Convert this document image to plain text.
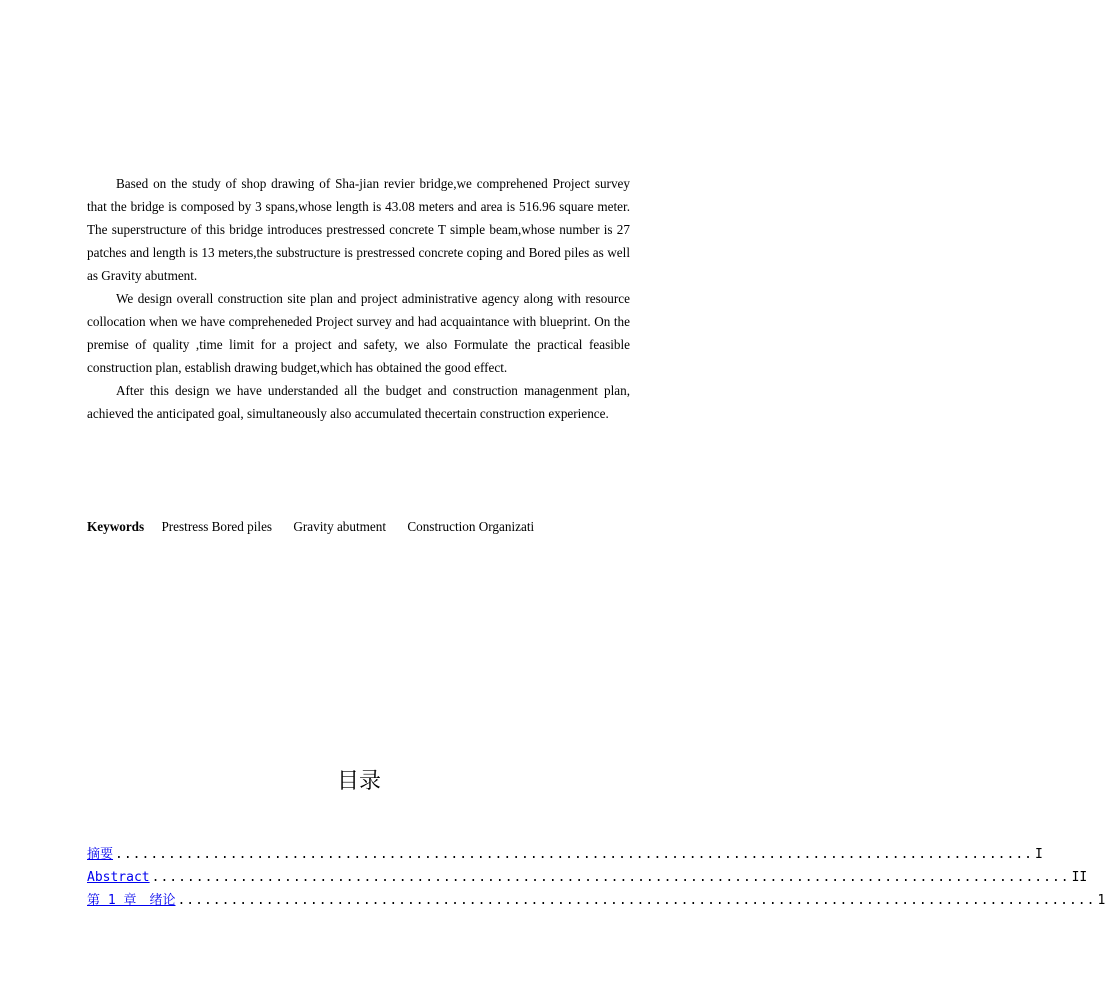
Based on the study of shop drawing of Sha-jian revier bridge,we comprehened Project survey that the bridge is composed by 3 spans,whose length is 43.08 meters and area is 516.96 square meter. The superstructure of this bridge introduces prestressed concrete T simple beam,whose number is 27 patches and length is 13 meters,the substructure is prestressed concrete coping and Bored piles as well as Gravity abutment.

We design overall construction site plan and project administrative agency along with resource collocation when we have compreheneded Project survey and had acquaintance with blueprint. On the premise of quality ,time limit for a project and safety, we also Formulate the practical feasible construction plan, establish drawing budget,which has obtained the good effect.

After this design we have understanded all the budget and construction managenment plan, achieved the anticipated goal, simultaneously also accumulated thecertain construction experience.

Keywords Prestress Bored piles Gravity abutment Construction Organizati
目录
摘要 ........................................................................................................ I
Abstract ........................................................................................................ II
第 1 章　绪论 ........................................................................................................ 1
